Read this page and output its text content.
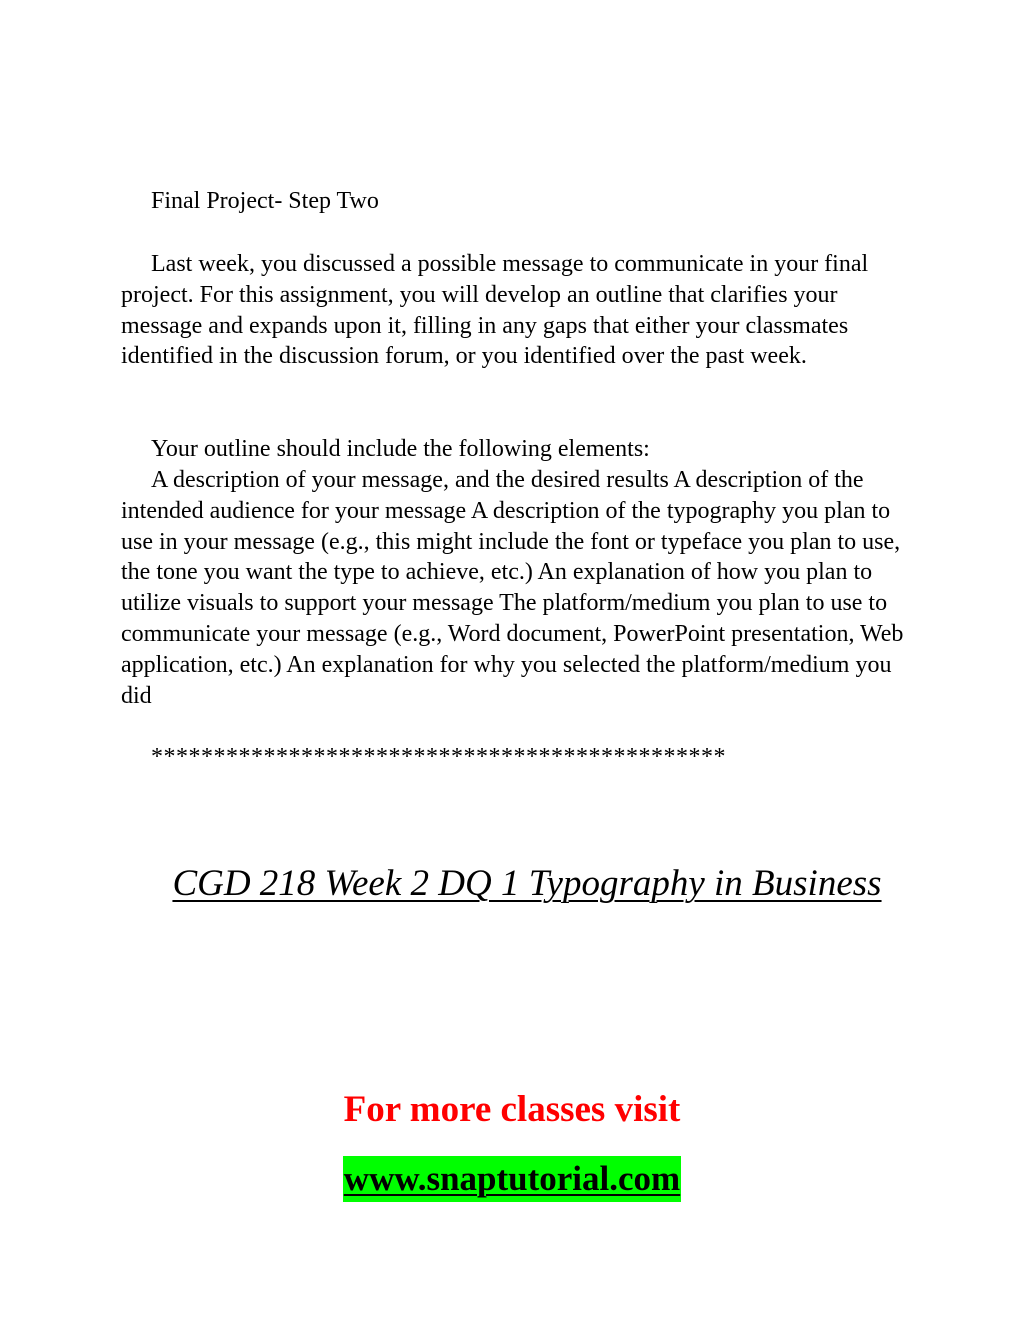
Final Project- Step Two

Last week, you discussed a possible message to communicate in your final project. For this assignment, you will develop an outline that clarifies your message and expands upon it, filling in any gaps that either your classmates identified in the discussion forum, or you identified over the past week.

Your outline should include the following elements:

A description of your message, and the desired results A description of the intended audience for your message A description of the typography you plan to use in your message (e.g., this might include the font or typeface you plan to use, the tone you want the type to achieve, etc.) An explanation of how you plan to utilize visuals to support your message The platform/medium you plan to use to communicate your message (e.g., Word document, PowerPoint presentation, Web application, etc.) An explanation for why you selected the platform/medium you did

**********************************************

CGD 218 Week 2 DQ 1 Typography in Business
For more classes visit
www.snaptutorial.com
